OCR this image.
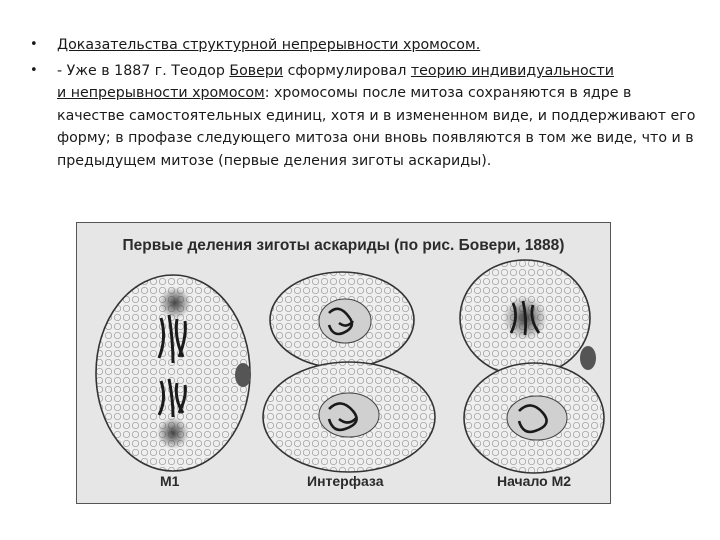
•	Доказательства структурной непрерывности хромосом.
•	- Уже в 1887 г. Теодор Бовери сформулировал теорию индивидуальности
и непрерывности хромосом: хромосомы после митоза сохраняются в ядре в качестве самостоятельных единиц, хотя и в измененном виде, и поддерживают его форму; в профазе следующего митоза они вновь появляются в том же виде, что и в предыдущем митозе (первые деления зиготы аскариды).
Первые деления зиготы аскариды (по рис. Бовери, 1888)
М1	Интерфаза	Начало М2
